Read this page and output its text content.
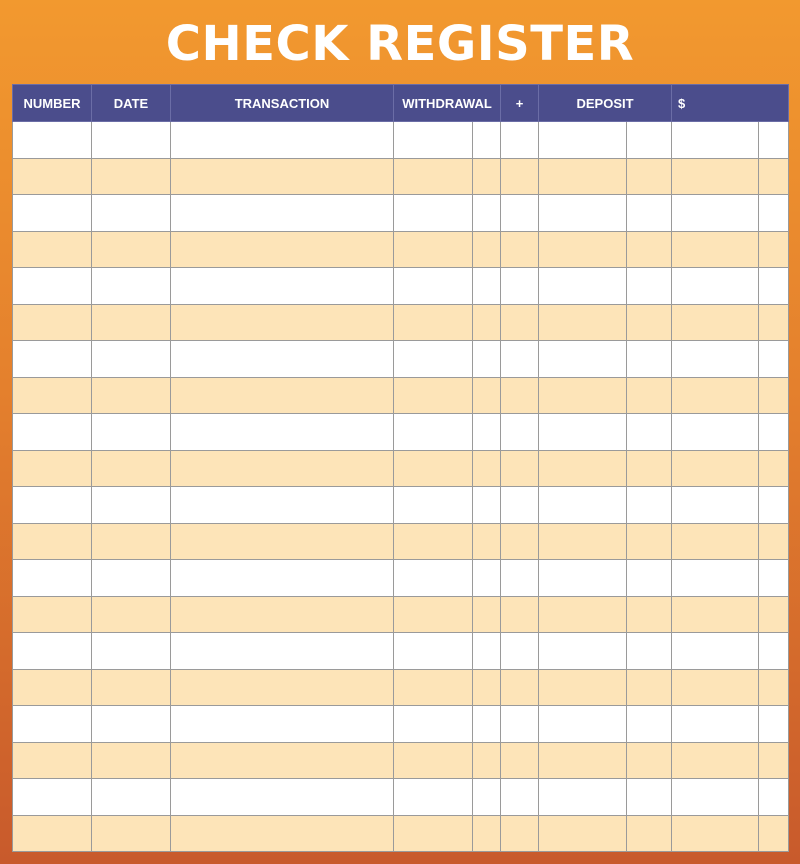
CHECK REGISTER
NUMBER	DATE	TRANSACTION	WITHDRAWAL		+	DEPOSIT		$	
